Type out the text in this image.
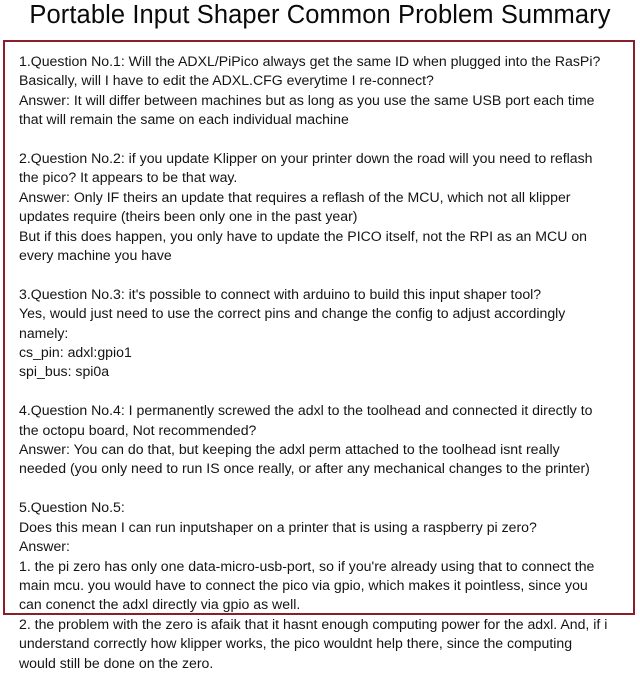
Portable Input Shaper Common Problem Summary
1.Question No.1: Will the ADXL/PiPico always get the same ID when plugged into the RasPi?
Basically, will I have to edit the ADXL.CFG everytime I re-connect?
Answer: It will differ between machines but as long as you use the same USB port each time
that will remain the same on each individual machine
2.Question No.2: if you update Klipper on your printer down the road will you need to reflash
the pico? It appears to be that way.
Answer: Only IF theirs an update that requires a reflash of the MCU, which not all klipper
updates require (theirs been only one in the past year)
But if this does happen, you only have to update the PICO itself, not the RPI as an MCU on
every machine you have
3.Question No.3: it's possible to connect with arduino to build this input shaper tool?
Yes, would just need to use the correct pins and change the config to adjust accordingly
namely:
cs_pin: adxl:gpio1
spi_bus: spi0a
4.Question No.4: I permanently screwed the adxl to the toolhead and connected it directly to
the octopu board, Not recommended?
Answer: You can do that, but keeping the adxl perm attached to the toolhead isnt really
needed (you only need to run IS once really, or after any mechanical changes to the printer)
5.Question No.5:
Does this mean I can run inputshaper on a printer that is using a raspberry pi zero?
Answer:
1. the pi zero has only one data-micro-usb-port, so if you're already using that to connect the
main mcu. you would have to connect the pico via gpio, which makes it pointless, since you
can conenct the adxl directly via gpio as well.
2. the problem with the zero is afaik that it hasnt enough computing power for the adxl. And, if i
understand correctly how klipper works, the pico wouldnt help there, since the computing
would still be done on the zero.
